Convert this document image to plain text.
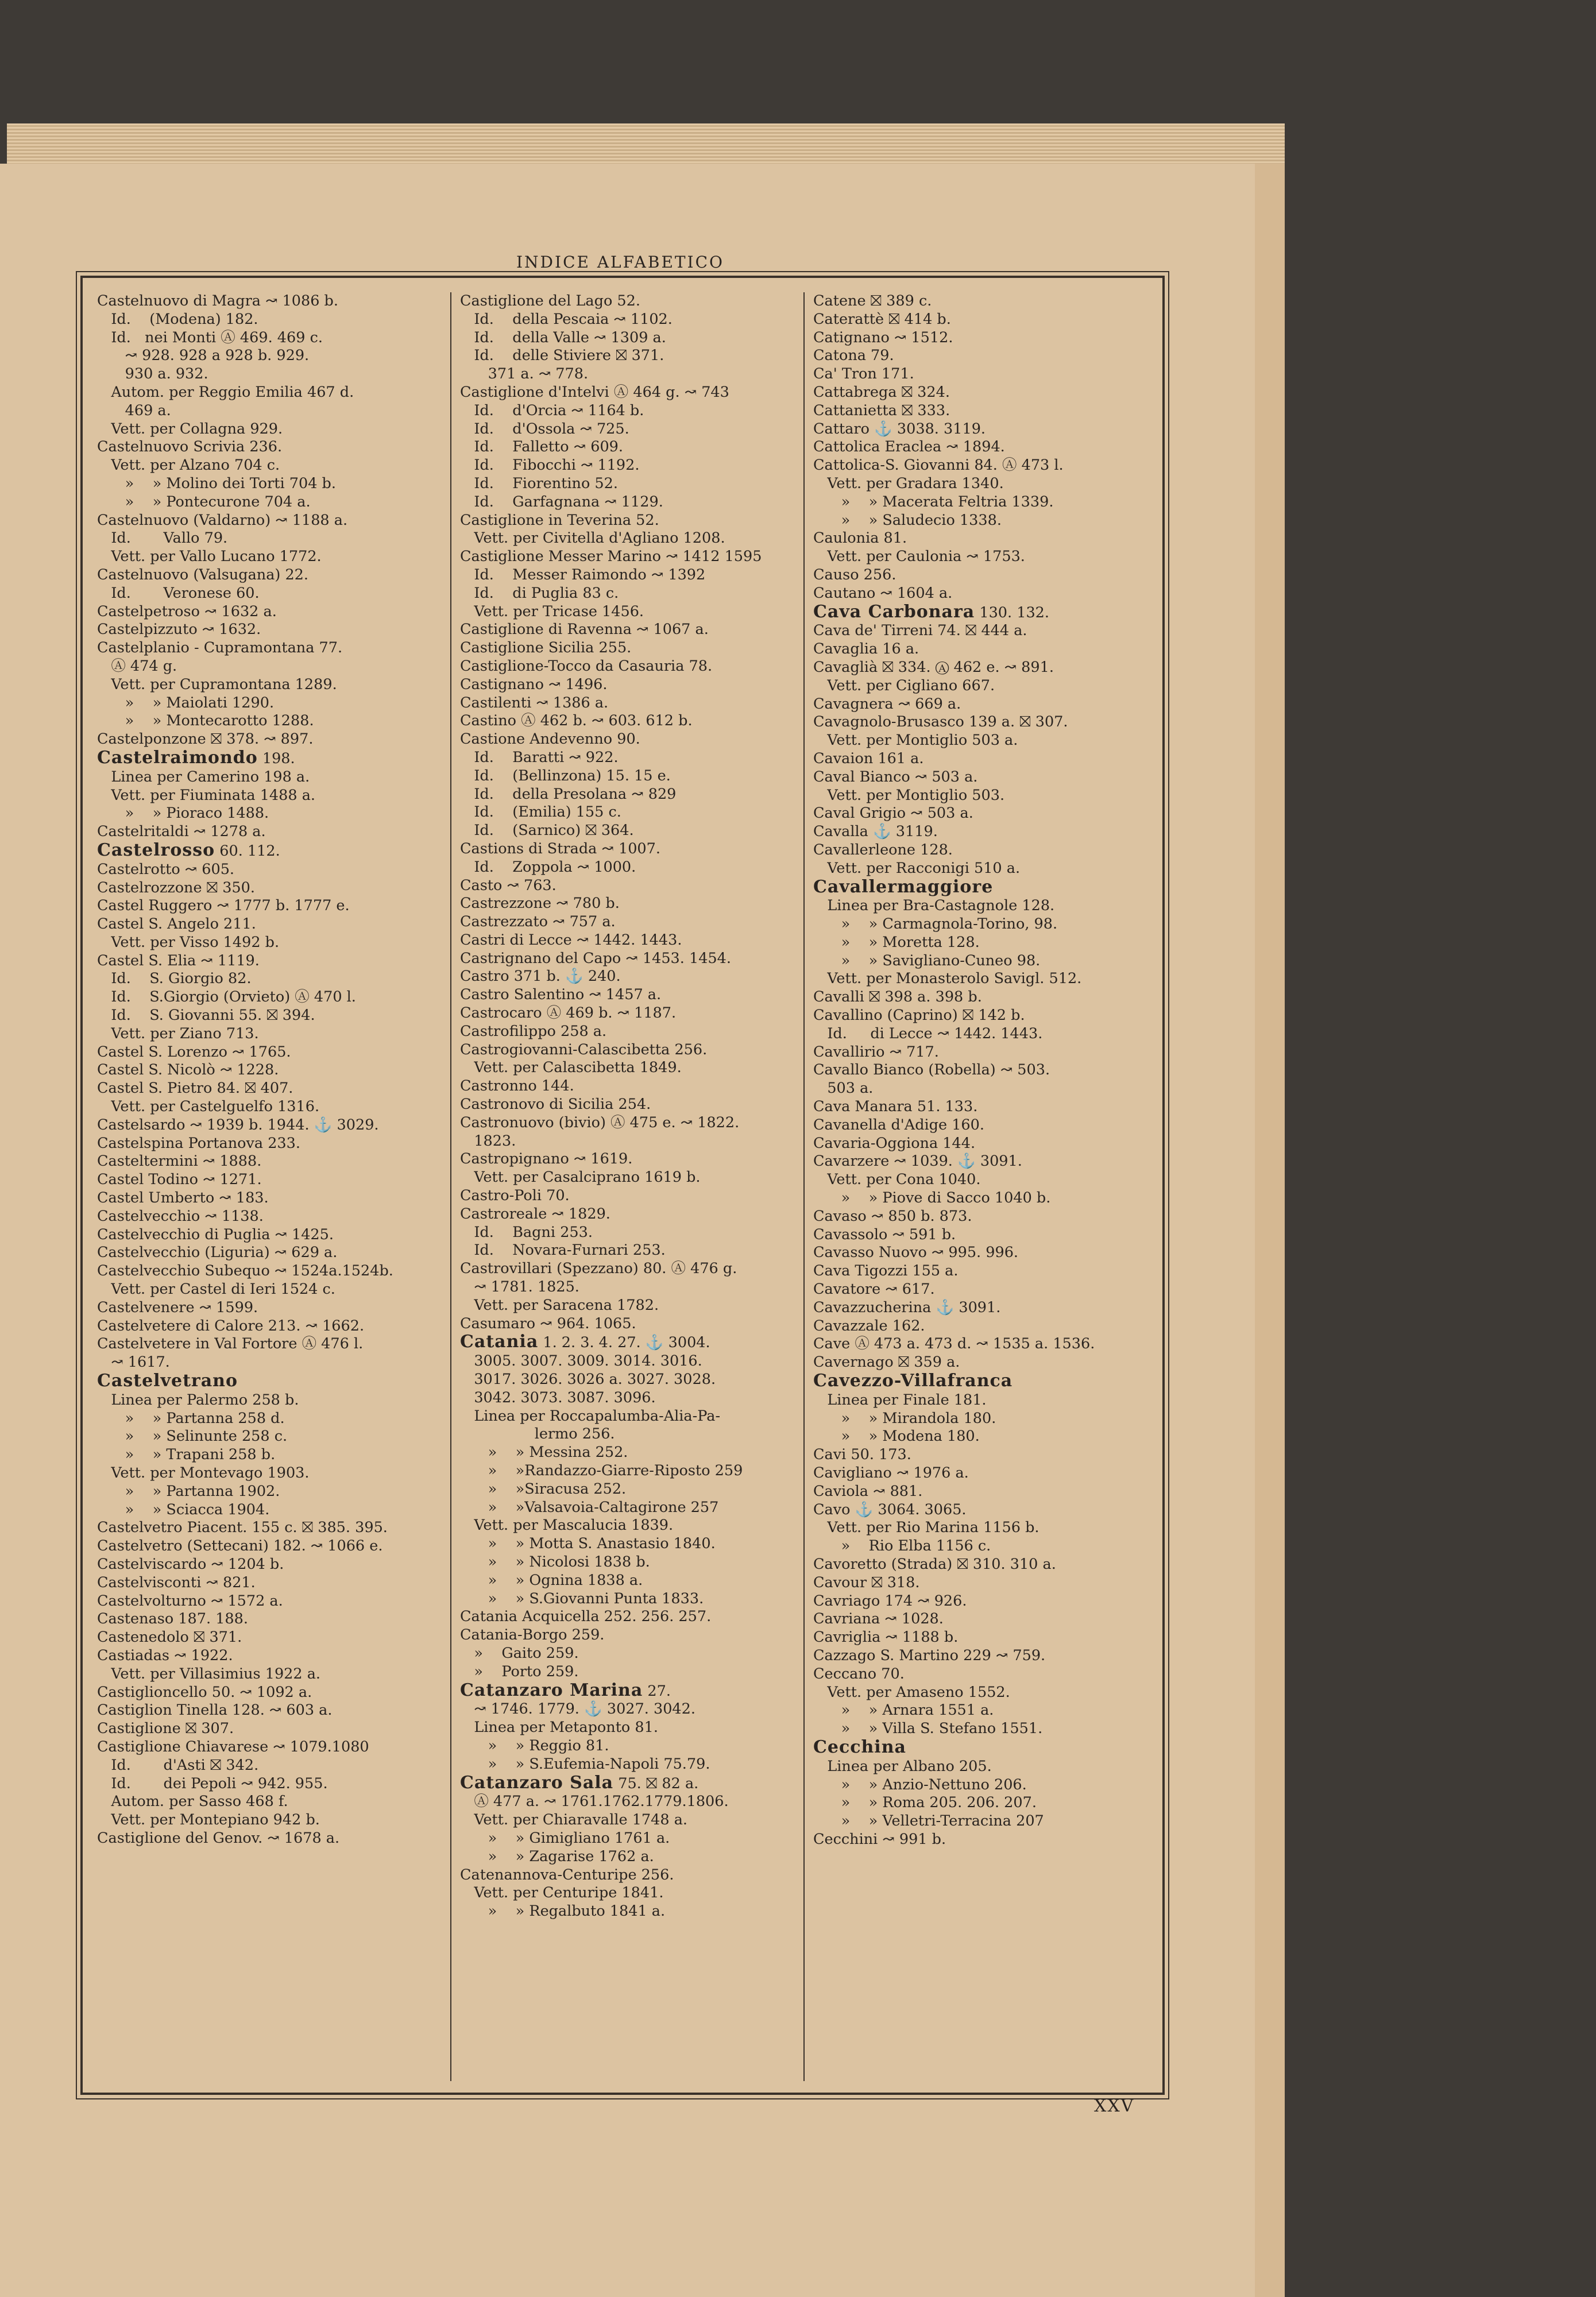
INDICE ALFABETICO
Castelnuovo di Magra ↝ 1086 b.
Id.    (Modena) 182.
Id.   nei Monti Ⓐ 469. 469 c.
↝ 928. 928 a 928 b. 929.
930 a. 932.
Autom. per Reggio Emilia 467 d.
469 a.
Vett. per Collagna 929.
Castelnuovo Scrivia 236.
Vett. per Alzano 704 c.
»    » Molino dei Torti 704 b.
»    » Pontecurone 704 a.
Castelnuovo (Valdarno) ↝ 1188 a.
Id.       Vallo 79.
Vett. per Vallo Lucano 1772.
Castelnuovo (Valsugana) 22.
Id.       Veronese 60.
Castelpetroso ↝ 1632 a.
Castelpizzuto ↝ 1632.
Castelplanio - Cupramontana 77.
Ⓐ 474 g.
Vett. per Cupramontana 1289.
»    » Maiolati 1290.
»    » Montecarotto 1288.
Castelponzone ⛝ 378. ↝ 897.
Castelraimondo 198.
Linea per Camerino 198 a.
Vett. per Fiuminata 1488 a.
»    » Pioraco 1488.
Castelritaldi ↝ 1278 a.
Castelrosso 60. 112.
Castelrotto ↝ 605.
Castelrozzone ⛝ 350.
Castel Ruggero ↝ 1777 b. 1777 e.
Castel S. Angelo 211.
Vett. per Visso 1492 b.
Castel S. Elia ↝ 1119.
Id.    S. Giorgio 82.
Id.    S.Giorgio (Orvieto) Ⓐ 470 l.
Id.    S. Giovanni 55. ⛝ 394.
Vett. per Ziano 713.
Castel S. Lorenzo ↝ 1765.
Castel S. Nicolò ↝ 1228.
Castel S. Pietro 84. ⛝ 407.
Vett. per Castelguelfo 1316.
Castelsardo ↝ 1939 b. 1944. ⚓ 3029.
Castelspina Portanova 233.
Casteltermini ↝ 1888.
Castel Todino ↝ 1271.
Castel Umberto ↝ 183.
Castelvecchio ↝ 1138.
Castelvecchio di Puglia ↝ 1425.
Castelvecchio (Liguria) ↝ 629 a.
Castelvecchio Subequo ↝ 1524a.1524b.
Vett. per Castel di Ieri 1524 c.
Castelvenere ↝ 1599.
Castelvetere di Calore 213. ↝ 1662.
Castelvetere in Val Fortore Ⓐ 476 l.
↝ 1617.
Castelvetrano
Linea per Palermo 258 b.
»    » Partanna 258 d.
»    » Selinunte 258 c.
»    » Trapani 258 b.
Vett. per Montevago 1903.
»    » Partanna 1902.
»    » Sciacca 1904.
Castelvetro Piacent. 155 c. ⛝ 385. 395.
Castelvetro (Settecani) 182. ↝ 1066 e.
Castelviscardo ↝ 1204 b.
Castelvisconti ↝ 821.
Castelvolturno ↝ 1572 a.
Castenaso 187. 188.
Castenedolo ⛝ 371.
Castiadas ↝ 1922.
Vett. per Villasimius 1922 a.
Castiglioncello 50. ↝ 1092 a.
Castiglion Tinella 128. ↝ 603 a.
Castiglione ⛝ 307.
Castiglione Chiavarese ↝ 1079.1080
Id.       d'Asti ⛝ 342.
Id.       dei Pepoli ↝ 942. 955.
Autom. per Sasso 468 f.
Vett. per Montepiano 942 b.
Castiglione del Genov. ↝ 1678 a.
Castiglione del Lago 52.
Id.    della Pescaia ↝ 1102.
Id.    della Valle ↝ 1309 a.
Id.    delle Stiviere ⛝ 371.
371 a. ↝ 778.
Castiglione d'Intelvi Ⓐ 464 g. ↝ 743
Id.    d'Orcia ↝ 1164 b.
Id.    d'Ossola ↝ 725.
Id.    Falletto ↝ 609.
Id.    Fibocchi ↝ 1192.
Id.    Fiorentino 52.
Id.    Garfagnana ↝ 1129.
Castiglione in Teverina 52.
Vett. per Civitella d'Agliano 1208.
Castiglione Messer Marino ↝ 1412 1595
Id.    Messer Raimondo ↝ 1392
Id.    di Puglia 83 c.
Vett. per Tricase 1456.
Castiglione di Ravenna ↝ 1067 a.
Castiglione Sicilia 255.
Castiglione-Tocco da Casauria 78.
Castignano ↝ 1496.
Castilenti ↝ 1386 a.
Castino Ⓐ 462 b. ↝ 603. 612 b.
Castione Andevenno 90.
Id.    Baratti ↝ 922.
Id.    (Bellinzona) 15. 15 e.
Id.    della Presolana ↝ 829
Id.    (Emilia) 155 c.
Id.    (Sarnico) ⛝ 364.
Castions di Strada ↝ 1007.
Id.    Zoppola ↝ 1000.
Casto ↝ 763.
Castrezzone ↝ 780 b.
Castrezzato ↝ 757 a.
Castri di Lecce ↝ 1442. 1443.
Castrignano del Capo ↝ 1453. 1454.
Castro 371 b. ⚓ 240.
Castro Salentino ↝ 1457 a.
Castrocaro Ⓐ 469 b. ↝ 1187.
Castrofilippo 258 a.
Castrogiovanni-Calascibetta 256.
Vett. per Calascibetta 1849.
Castronno 144.
Castronovo di Sicilia 254.
Castronuovo (bivio) Ⓐ 475 e. ↝ 1822.
1823.
Castropignano ↝ 1619.
Vett. per Casalciprano 1619 b.
Castro-Poli 70.
Castroreale ↝ 1829.
Id.    Bagni 253.
Id.    Novara-Furnari 253.
Castrovillari (Spezzano) 80. Ⓐ 476 g.
↝ 1781. 1825.
Vett. per Saracena 1782.
Casumaro ↝ 964. 1065.
Catania 1. 2. 3. 4. 27. ⚓ 3004.
3005. 3007. 3009. 3014. 3016.
3017. 3026. 3026 a. 3027. 3028.
3042. 3073. 3087. 3096.
Linea per Roccapalumba-Alia-Pa-
lermo 256.
»    » Messina 252.
»    »Randazzo-Giarre-Riposto 259
»    »Siracusa 252.
»    »Valsavoia-Caltagirone 257
Vett. per Mascalucia 1839.
»    » Motta S. Anastasio 1840.
»    » Nicolosi 1838 b.
»    » Ognina 1838 a.
»    » S.Giovanni Punta 1833.
Catania Acquicella 252. 256. 257.
Catania-Borgo 259.
»    Gaito 259.
»    Porto 259.
Catanzaro Marina 27.
↝ 1746. 1779. ⚓ 3027. 3042.
Linea per Metaponto 81.
»    » Reggio 81.
»    » S.Eufemia-Napoli 75.79.
Catanzaro Sala 75. ⛝ 82 a.
Ⓐ 477 a. ↝ 1761.1762.1779.1806.
Vett. per Chiaravalle 1748 a.
»    » Gimigliano 1761 a.
»    » Zagarise 1762 a.
Catenannova-Centuripe 256.
Vett. per Centuripe 1841.
»    » Regalbuto 1841 a.
Catene ⛝ 389 c.
Caterattè ⛝ 414 b.
Catignano ↝ 1512.
Catona 79.
Ca' Tron 171.
Cattabrega ⛝ 324.
Cattanietta ⛝ 333.
Cattaro ⚓ 3038. 3119.
Cattolica Eraclea ↝ 1894.
Cattolica-S. Giovanni 84. Ⓐ 473 l.
Vett. per Gradara 1340.
»    » Macerata Feltria 1339.
»    » Saludecio 1338.
Caulonia 81.
Vett. per Caulonia ↝ 1753.
Causo 256.
Cautano ↝ 1604 a.
Cava Carbonara 130. 132.
Cava de' Tirreni 74. ⛝ 444 a.
Cavaglia 16 a.
Cavaglià ⛝ 334. Ⓐ 462 e. ↝ 891.
Vett. per Cigliano 667.
Cavagnera ↝ 669 a.
Cavagnolo-Brusasco 139 a. ⛝ 307.
Vett. per Montiglio 503 a.
Cavaion 161 a.
Caval Bianco ↝ 503 a.
Vett. per Montiglio 503.
Caval Grigio ↝ 503 a.
Cavalla ⚓ 3119.
Cavallerleone 128.
Vett. per Racconigi 510 a.
Cavallermaggiore
Linea per Bra-Castagnole 128.
»    » Carmagnola-Torino, 98.
»    » Moretta 128.
»    » Savigliano-Cuneo 98.
Vett. per Monasterolo Savigl. 512.
Cavalli ⛝ 398 a. 398 b.
Cavallino (Caprino) ⛝ 142 b.
Id.     di Lecce ↝ 1442. 1443.
Cavallirio ↝ 717.
Cavallo Bianco (Robella) ↝ 503.
503 a.
Cava Manara 51. 133.
Cavanella d'Adige 160.
Cavaria-Oggiona 144.
Cavarzere ↝ 1039. ⚓ 3091.
Vett. per Cona 1040.
»    » Piove di Sacco 1040 b.
Cavaso ↝ 850 b. 873.
Cavassolo ↝ 591 b.
Cavasso Nuovo ↝ 995. 996.
Cava Tigozzi 155 a.
Cavatore ↝ 617.
Cavazzucherina ⚓ 3091.
Cavazzale 162.
Cave Ⓐ 473 a. 473 d. ↝ 1535 a. 1536.
Cavernago ⛝ 359 a.
Cavezzo-Villafranca
Linea per Finale 181.
»    » Mirandola 180.
»    » Modena 180.
Cavi 50. 173.
Cavigliano ↝ 1976 a.
Caviola ↝ 881.
Cavo ⚓ 3064. 3065.
Vett. per Rio Marina 1156 b.
»    Rio Elba 1156 c.
Cavoretto (Strada) ⛝ 310. 310 a.
Cavour ⛝ 318.
Cavriago 174 ↝ 926.
Cavriana ↝ 1028.
Cavriglia ↝ 1188 b.
Cazzago S. Martino 229 ↝ 759.
Ceccano 70.
Vett. per Amaseno 1552.
»    » Arnara 1551 a.
»    » Villa S. Stefano 1551.
Cecchina
Linea per Albano 205.
»    » Anzio-Nettuno 206.
»    » Roma 205. 206. 207.
»    » Velletri-Terracina 207
Cecchini ↝ 991 b.
XXV
